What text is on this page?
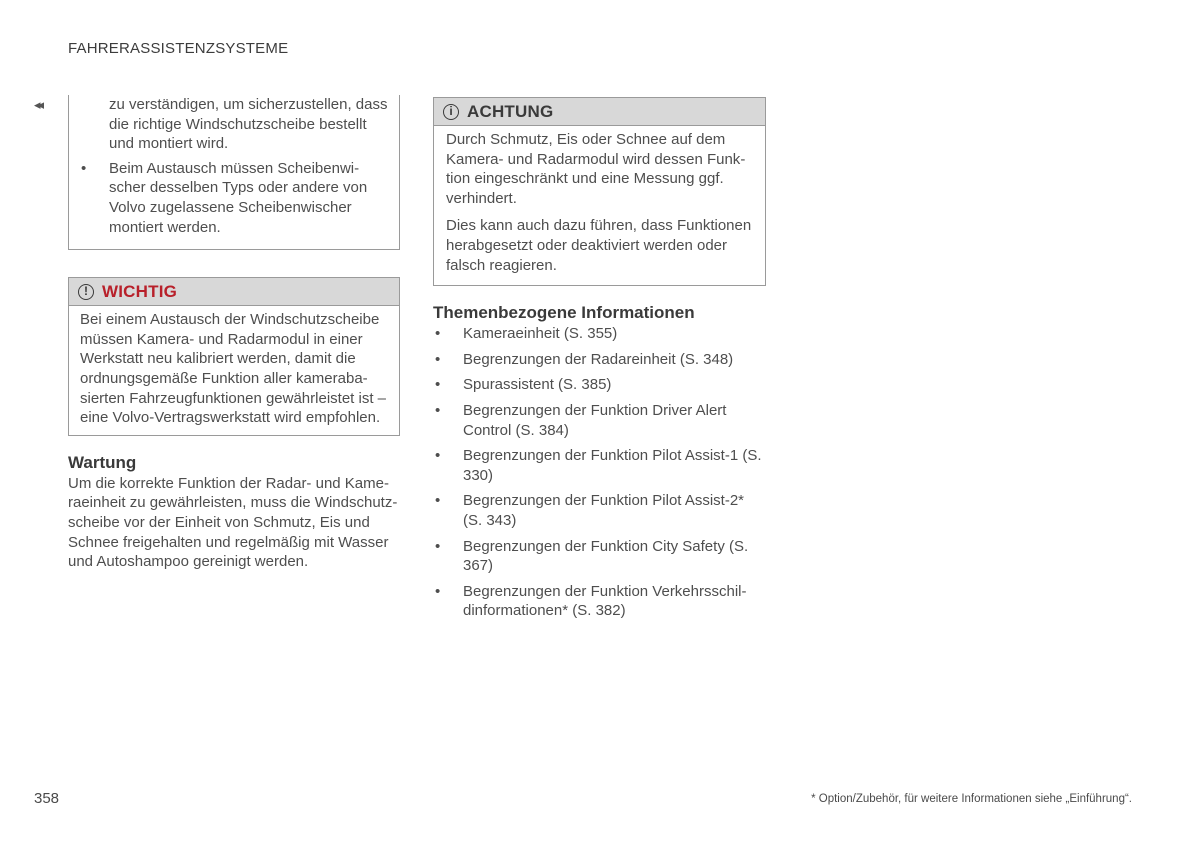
FAHRERASSISTENZSYSTEME
◂◂	zu verständigen, um sicherzustellen, dass die richtige Windschutzscheibe bestellt und montiert wird.

• Beim Austausch müssen Scheibenwischer desselben Typs oder andere von Volvo zugelassene Scheibenwischer montiert werden.
! WICHTIG

Bei einem Austausch der Windschutzscheibe müssen Kamera- und Radarmodul in einer Werkstatt neu kalibriert werden, damit die ordnungsgemäße Funktion aller kamerabasierten Fahrzeugfunktionen gewährleistet ist – eine Volvo-Vertragswerkstatt wird empfohlen.

Wartung

Um die korrekte Funktion der Radar- und Kameraeinheit zu gewährleisten, muss die Windschutzscheibe vor der Einheit von Schmutz, Eis und Schnee freigehalten und regelmäßig mit Wasser und Autoshampoo gereinigt werden.

i ACHTUNG

Durch Schmutz, Eis oder Schnee auf dem Kamera- und Radarmodul wird dessen Funktion eingeschränkt und eine Messung ggf. verhindert.

Dies kann auch dazu führen, dass Funktionen herabgesetzt oder deaktiviert werden oder falsch reagieren.

Themenbezogene Informationen
• Kameraeinheit (S. 355)
• Begrenzungen der Radareinheit (S. 348)
• Spurassistent (S. 385)
• Begrenzungen der Funktion Driver Alert Control (S. 384)
• Begrenzungen der Funktion Pilot Assist-1 (S. 330)
• Begrenzungen der Funktion Pilot Assist-2* (S. 343)
• Begrenzungen der Funktion City Safety (S. 367)
• Begrenzungen der Funktion Verkehrsschildinformationen* (S. 382)
358	* Option/Zubehör, für weitere Informationen siehe „Einführung“.
